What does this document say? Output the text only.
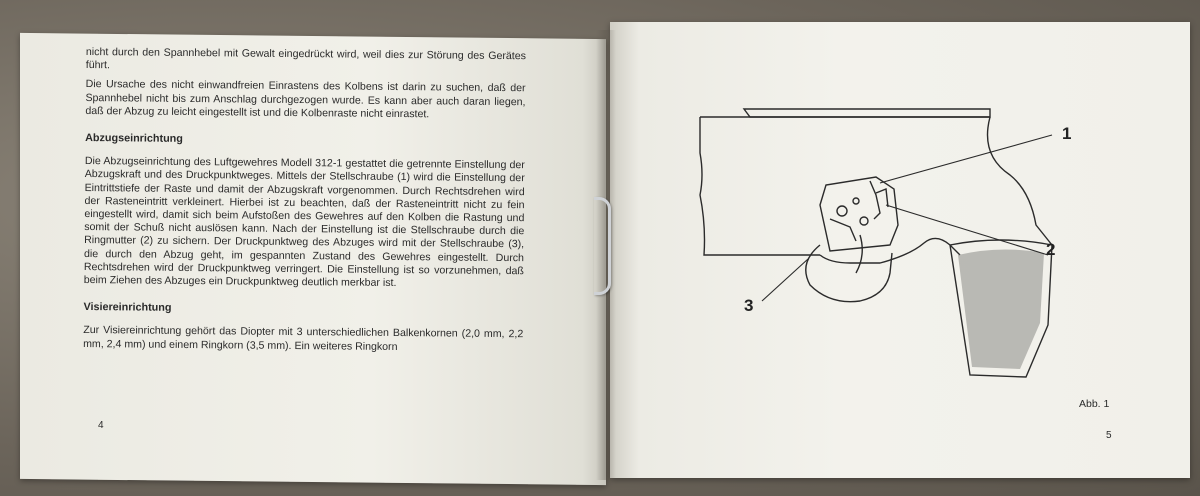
nicht durch den Spannhebel mit Gewalt eingedrückt wird, weil dies zur Störung des Gerätes führt.

Die Ursache des nicht einwandfreien Einrastens des Kolbens ist darin zu suchen, daß der Spannhebel nicht bis zum Anschlag durchgezogen wurde. Es kann aber auch daran liegen, daß der Abzug zu leicht eingestellt ist und die Kolbenraste nicht einrastet.

Abzugseinrichtung

Die Abzugseinrichtung des Luftgewehres Modell 312-1 gestattet die getrennte Einstellung der Abzugskraft und des Druckpunktweges. Mittels der Stellschraube (1) wird die Einstellung der Eintrittstiefe der Raste und damit der Abzugskraft vorgenommen. Durch Rechtsdrehen wird der Rasteneintritt verkleinert. Hierbei ist zu beachten, daß der Rasteneintritt nicht zu fein eingestellt wird, damit sich beim Aufstoßen des Gewehres auf den Kolben die Rastung und somit der Schuß nicht auslösen kann. Nach der Einstellung ist die Stellschraube durch die Ringmutter (2) zu sichern. Der Druckpunktweg des Abzuges wird mit der Stellschraube (3), die durch den Abzug geht, im gespannten Zustand des Gewehres eingestellt. Durch Rechtsdrehen wird der Druckpunktweg verringert. Die Einstellung ist so vorzunehmen, daß beim Ziehen des Abzuges ein Druckpunktweg deutlich merkbar ist.

Visiereinrichtung

Zur Visiereinrichtung gehört das Diopter mit 3 unterschiedlichen Balkenkornen (2,0 mm, 2,2 mm, 2,4 mm) und einem Ringkorn (3,5 mm). Ein weiteres Ringkorn

4
1
2
3
Abb. 1
5
